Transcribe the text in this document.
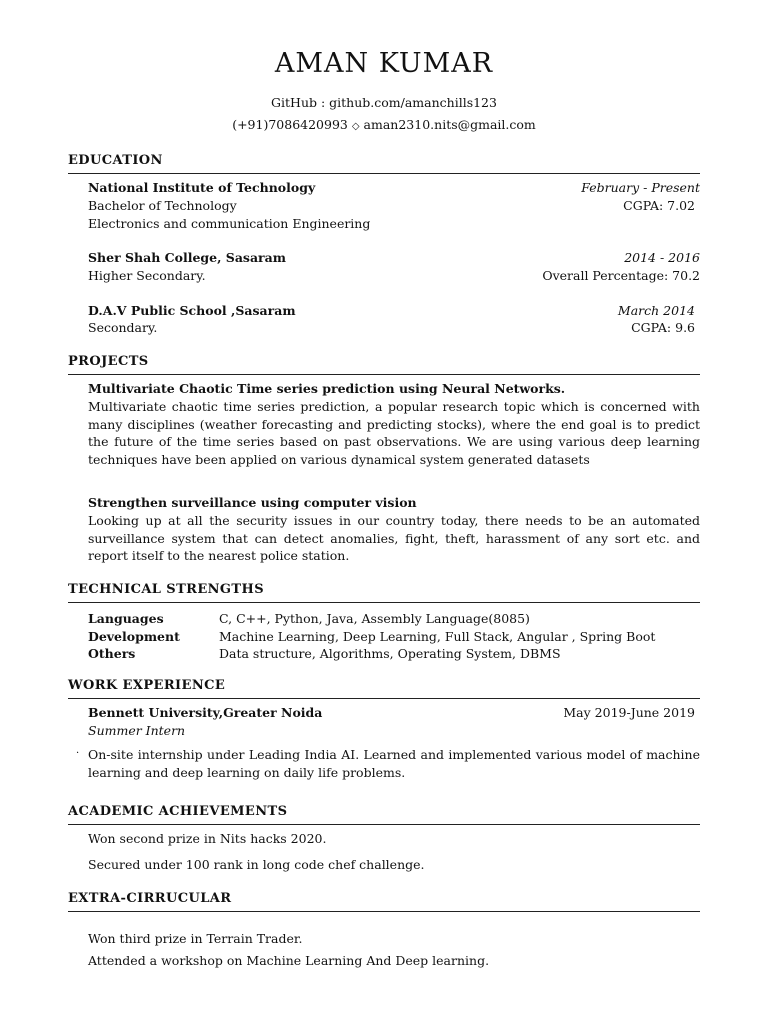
AMAN KUMAR
GitHub : github.com/amanchills123
(+91)7086420993 ◇ aman2310.nits@gmail.com
EDUCATION
National Institute of Technology	February - Present
Bachelor of Technology	CGPA: 7.02
Electronics and communication Engineering
Sher Shah College, Sasaram	2014 - 2016
Higher Secondary.	Overall Percentage: 70.2
D.A.V Public School ,Sasaram	March 2014
Secondary.	CGPA: 9.6
PROJECTS
Multivariate Chaotic Time series prediction using Neural Networks.
Multivariate chaotic time series prediction, a popular research topic which is concerned with many disciplines (weather forecasting and predicting stocks), where the end goal is to predict the future of the time series based on past observations. We are using various deep learning techniques have been applied on various dynamical system generated datasets
Strengthen surveillance using computer vision
Looking up at all the security issues in our country today, there needs to be an automated surveillance system that can detect anomalies, fight, theft, harassment of any sort etc. and report itself to the nearest police station.
TECHNICAL STRENGTHS
Languages	C, C++, Python, Java, Assembly Language(8085)
Development	Machine Learning, Deep Learning, Full Stack, Angular , Spring Boot
Others	Data structure, Algorithms, Operating System, DBMS
WORK EXPERIENCE
Bennett University,Greater Noida	May 2019-June 2019
Summer Intern
· On-site internship under Leading India AI. Learned and implemented various model of machine learning and deep learning on daily life problems.
ACADEMIC ACHIEVEMENTS
Won second prize in Nits hacks 2020.
Secured under 100 rank in long code chef challenge.
EXTRA-CIRRUCULAR
Won third prize in Terrain Trader.
Attended a workshop on Machine Learning And Deep learning.
